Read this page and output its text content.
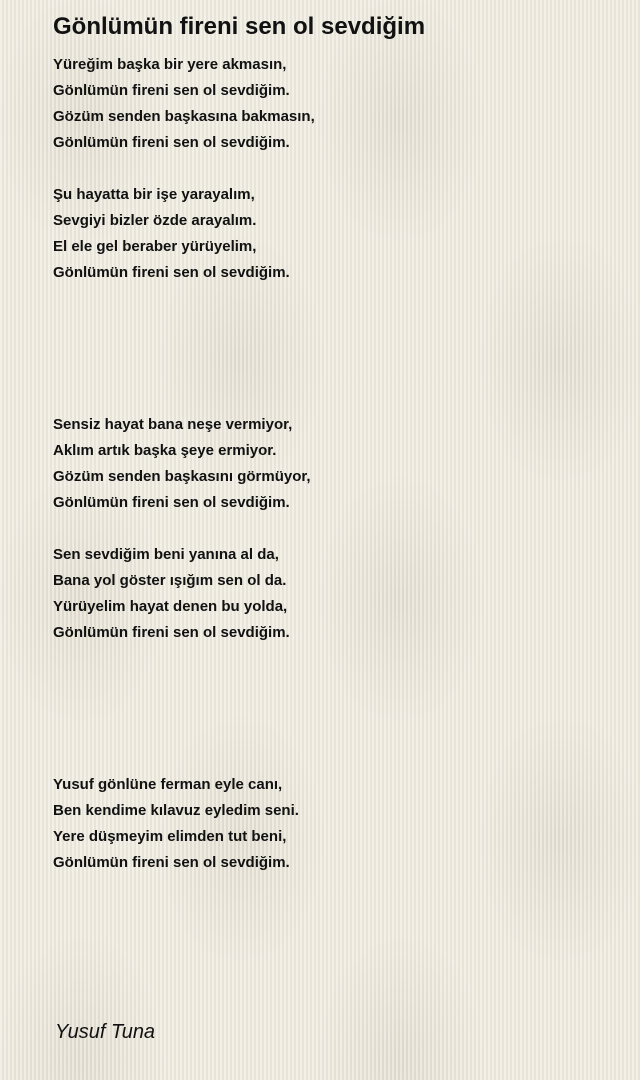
Gönlümün fireni sen ol sevdiğim
Yüreğim başka bir yere akmasın,
Gönlümün fireni sen ol sevdiğim.
Gözüm senden başkasına bakmasın,
Gönlümün fireni sen ol sevdiğim.
Şu hayatta bir işe yarayalım,
Sevgiyi bizler özde arayalım.
El ele gel beraber yürüyelim,
Gönlümün fireni sen ol sevdiğim.
Sensiz hayat bana neşe vermiyor,
Aklım artık başka şeye ermiyor.
Gözüm senden başkasını görmüyor,
Gönlümün fireni sen ol sevdiğim.
Sen sevdiğim beni yanına al da,
Bana yol göster ışığım sen ol da.
Yürüyelim hayat denen bu yolda,
Gönlümün fireni sen ol sevdiğim.
Yusuf gönlüne ferman eyle canı,
Ben kendime kılavuz eyledim seni.
Yere düşmeyim elimden tut beni,
Gönlümün fireni sen ol sevdiğim.
Yusuf Tuna
